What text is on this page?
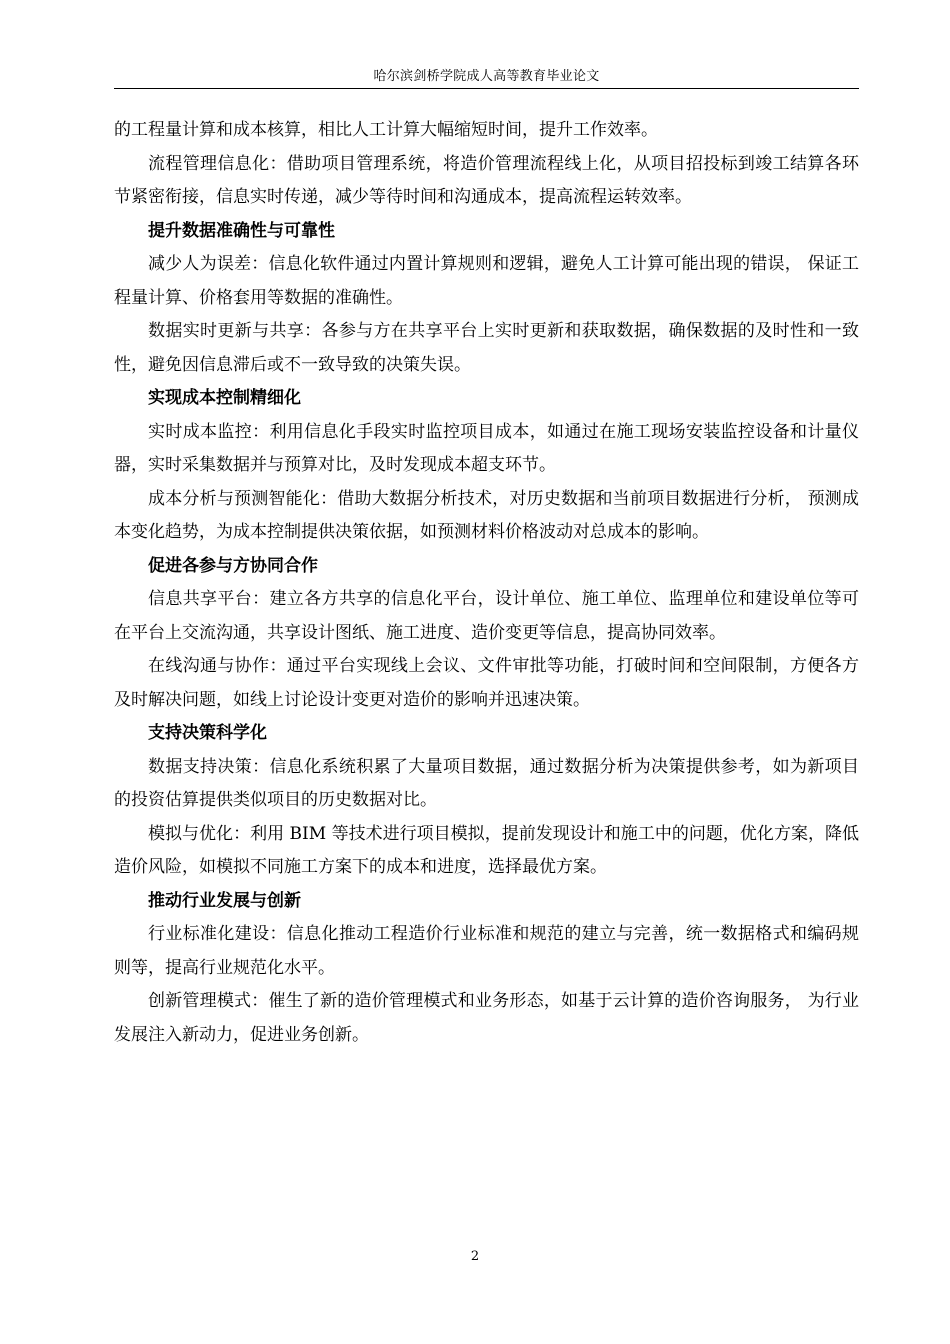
哈尔滨剑桥学院成人高等教育毕业论文

的工程量计算和成本核算，相比人工计算大幅缩短时间，提升工作效率。

流程管理信息化：借助项目管理系统，将造价管理流程线上化，从项目招投标到竣工结算各环节紧密衔接，信息实时传递，减少等待时间和沟通成本，提高流程运转效率。

提升数据准确性与可靠性

减少人为误差：信息化软件通过内置计算规则和逻辑，避免人工计算可能出现的错误， 保证工程量计算、价格套用等数据的准确性。

数据实时更新与共享：各参与方在共享平台上实时更新和获取数据，确保数据的及时性和一致性，避免因信息滞后或不一致导致的决策失误。

实现成本控制精细化

实时成本监控：利用信息化手段实时监控项目成本，如通过在施工现场安装监控设备和计量仪器，实时采集数据并与预算对比，及时发现成本超支环节。

成本分析与预测智能化：借助大数据分析技术，对历史数据和当前项目数据进行分析， 预测成本变化趋势，为成本控制提供决策依据，如预测材料价格波动对总成本的影响。

促进各参与方协同合作

信息共享平台：建立各方共享的信息化平台，设计单位、施工单位、监理单位和建设单位等可在平台上交流沟通，共享设计图纸、施工进度、造价变更等信息，提高协同效率。

在线沟通与协作：通过平台实现线上会议、文件审批等功能，打破时间和空间限制，方便各方及时解决问题，如线上讨论设计变更对造价的影响并迅速决策。

支持决策科学化

数据支持决策：信息化系统积累了大量项目数据，通过数据分析为决策提供参考，如为新项目的投资估算提供类似项目的历史数据对比。

模拟与优化：利用 BIM 等技术进行项目模拟，提前发现设计和施工中的问题，优化方案，降低造价风险，如模拟不同施工方案下的成本和进度，选择最优方案。

推动行业发展与创新

行业标准化建设：信息化推动工程造价行业标准和规范的建立与完善，统一数据格式和编码规则等，提高行业规范化水平。

创新管理模式：催生了新的造价管理模式和业务形态，如基于云计算的造价咨询服务， 为行业发展注入新动力，促进业务创新。

2
